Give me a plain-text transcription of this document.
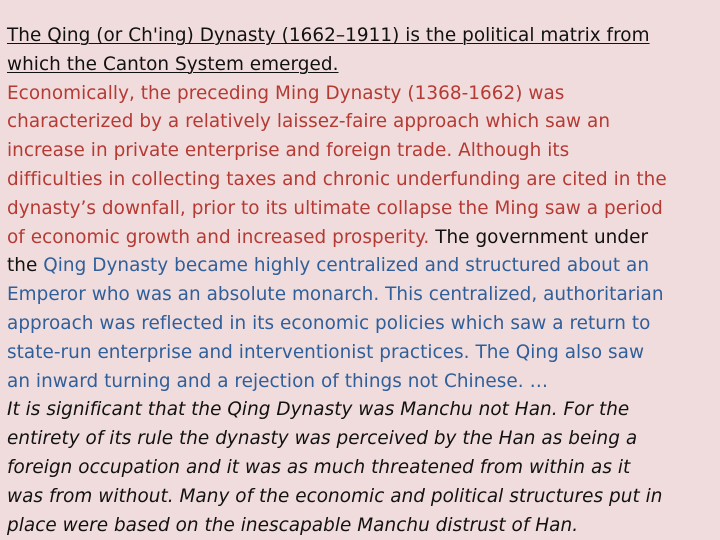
The Qing (or Ch'ing) Dynasty (1662–1911) is the political matrix from
which the Canton System emerged.
Economically, the preceding Ming Dynasty (1368-1662) was
characterized by a relatively laissez-faire approach which saw an
increase in private enterprise and foreign trade. Although its
difficulties in collecting taxes and chronic underfunding are cited in the
dynasty’s downfall, prior to its ultimate collapse the Ming saw a period
of economic growth and increased prosperity. The government under
the Qing Dynasty became highly centralized and structured about an
Emperor who was an absolute monarch. This centralized, authoritarian
approach was reflected in its economic policies which saw a return to
state-run enterprise and interventionist practices. The Qing also saw
an inward turning and a rejection of things not Chinese. …
It is significant that the Qing Dynasty was Manchu not Han. For the
entirety of its rule the dynasty was perceived by the Han as being a
foreign occupation and it was as much threatened from within as it
was from without. Many of the economic and political structures put in
place were based on the inescapable Manchu distrust of Han.
